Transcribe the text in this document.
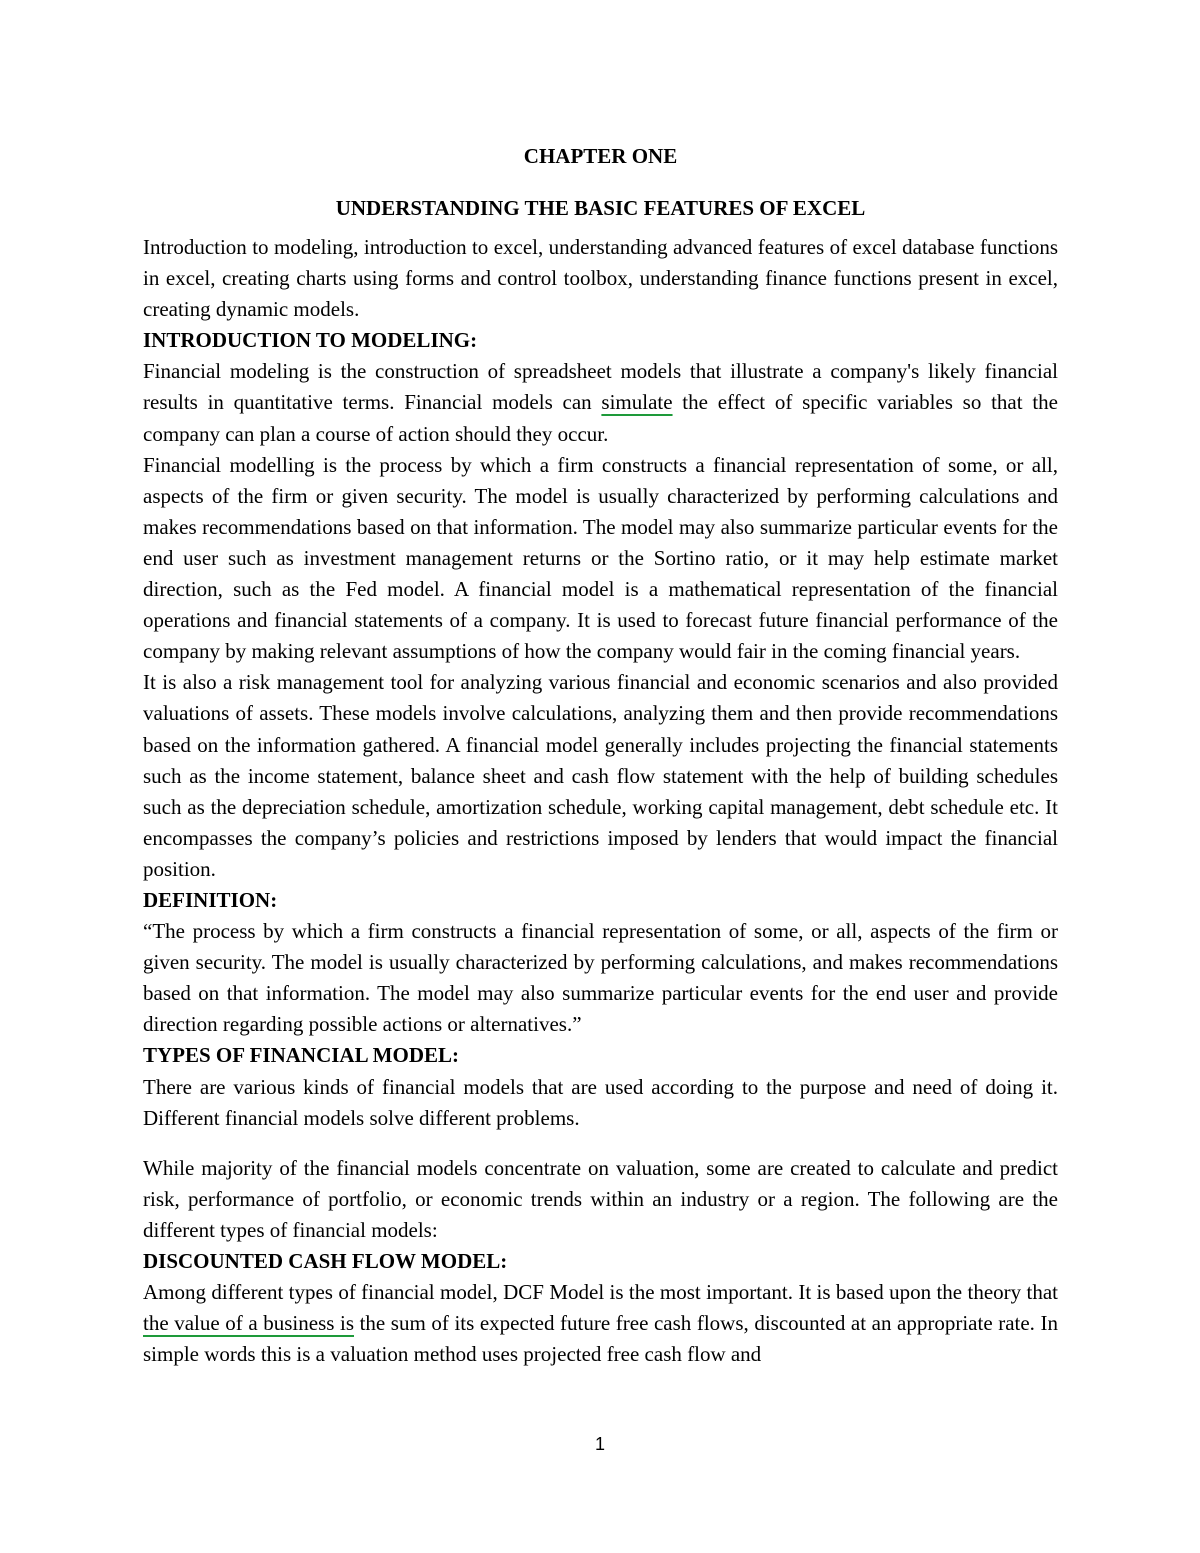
CHAPTER ONE

UNDERSTANDING THE BASIC FEATURES OF EXCEL

Introduction to modeling, introduction to excel, understanding advanced features of excel database functions in excel, creating charts using forms and control toolbox, understanding finance functions present in excel, creating dynamic models.

INTRODUCTION TO MODELING:

Financial modeling is the construction of spreadsheet models that illustrate a company's likely financial results in quantitative terms. Financial models can simulate the effect of specific variables so that the company can plan a course of action should they occur.

Financial modelling is the process by which a firm constructs a financial representation of some, or all, aspects of the firm or given security. The model is usually characterized by performing calculations and makes recommendations based on that information. The model may also summarize particular events for the end user such as investment management returns or the Sortino ratio, or it may help estimate market direction, such as the Fed model. A financial model is a mathematical representation of the financial operations and financial statements of a company. It is used to forecast future financial performance of the company by making relevant assumptions of how the company would fair in the coming financial years.

It is also a risk management tool for analyzing various financial and economic scenarios and also provided valuations of assets. These models involve calculations, analyzing them and then provide recommendations based on the information gathered. A financial model generally includes projecting the financial statements such as the income statement, balance sheet and cash flow statement with the help of building schedules such as the depreciation schedule, amortization schedule, working capital management, debt schedule etc. It encompasses the company’s policies and restrictions imposed by lenders that would impact the financial position.

DEFINITION:

“The process by which a firm constructs a financial representation of some, or all, aspects of the firm or given security. The model is usually characterized by performing calculations, and makes recommendations based on that information. The model may also summarize particular events for the end user and provide direction regarding possible actions or alternatives.”

TYPES OF FINANCIAL MODEL:

There are various kinds of financial models that are used according to the purpose and need of doing it. Different financial models solve different problems.

While majority of the financial models concentrate on valuation, some are created to calculate and predict risk, performance of portfolio, or economic trends within an industry or a region. The following are the different types of financial models:

DISCOUNTED CASH FLOW MODEL:

Among different types of financial model, DCF Model is the most important. It is based upon the theory that the value of a business is the sum of its expected future free cash flows, discounted at an appropriate rate. In simple words this is a valuation method uses projected free cash flow and

1
